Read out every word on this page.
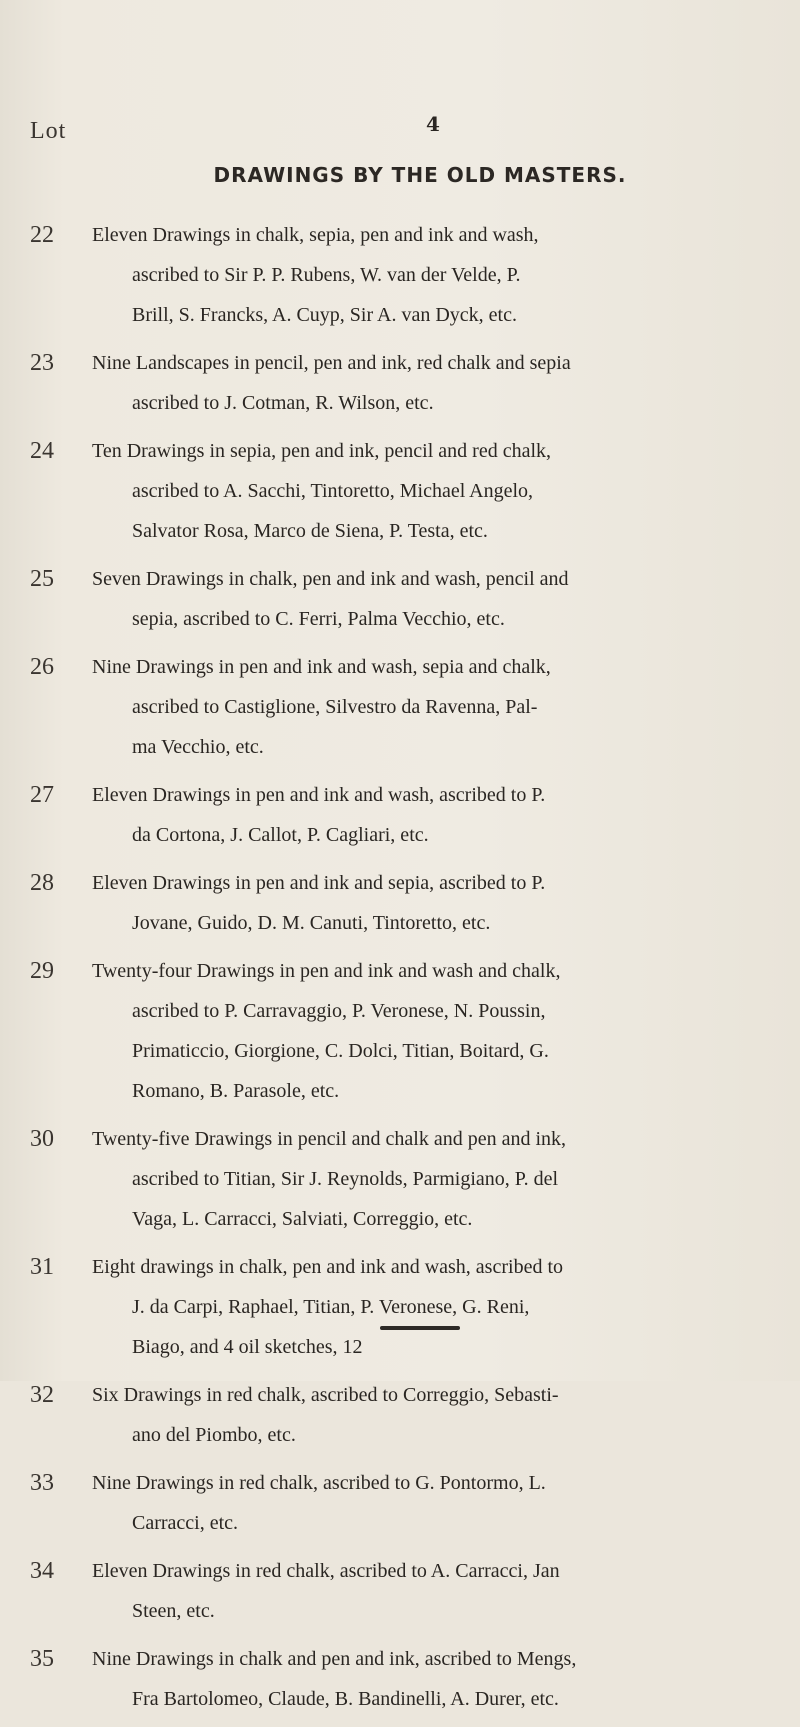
Lot	4
DRAWINGS BY THE OLD MASTERS.
22	Eleven Drawings in chalk, sepia, pen and ink and wash,
ascribed to Sir P. P. Rubens, W. van der Velde, P.
Brill, S. Francks, A. Cuyp, Sir A. van Dyck, etc.
23	Nine Landscapes in pencil, pen and ink, red chalk and sepia
ascribed to J. Cotman, R. Wilson, etc.
24	Ten Drawings in sepia, pen and ink, pencil and red chalk,
ascribed to A. Sacchi, Tintoretto, Michael Angelo,
Salvator Rosa, Marco de Siena, P. Testa, etc.
25	Seven Drawings in chalk, pen and ink and wash, pencil and
sepia, ascribed to C. Ferri, Palma Vecchio, etc.
26	Nine Drawings in pen and ink and wash, sepia and chalk,
ascribed to Castiglione, Silvestro da Ravenna, Pal-
ma Vecchio, etc.
27	Eleven Drawings in pen and ink and wash, ascribed to P.
da Cortona, J. Callot, P. Cagliari, etc.
28	Eleven Drawings in pen and ink and sepia, ascribed to P.
Jovane, Guido, D. M. Canuti, Tintoretto, etc.
29	Twenty-four Drawings in pen and ink and wash and chalk,
ascribed to P. Carravaggio, P. Veronese, N. Poussin,
Primaticcio, Giorgione, C. Dolci, Titian, Boitard, G.
Romano, B. Parasole, etc.
30	Twenty-five Drawings in pencil and chalk and pen and ink,
ascribed to Titian, Sir J. Reynolds, Parmigiano, P. del
Vaga, L. Carracci, Salviati, Correggio, etc.
31	Eight drawings in chalk, pen and ink and wash, ascribed to
J. da Carpi, Raphael, Titian, P. Veronese, G. Reni,
Biago, and 4 oil sketches, 12
32	Six Drawings in red chalk, ascribed to Correggio, Sebasti-
ano del Piombo, etc.
33	Nine Drawings in red chalk, ascribed to G. Pontormo, L.
Carracci, etc.
34	Eleven Drawings in red chalk, ascribed to A. Carracci, Jan
Steen, etc.
35	Nine Drawings in chalk and pen and ink, ascribed to Mengs,
Fra Bartolomeo, Claude, B. Bandinelli, A. Durer, etc.
